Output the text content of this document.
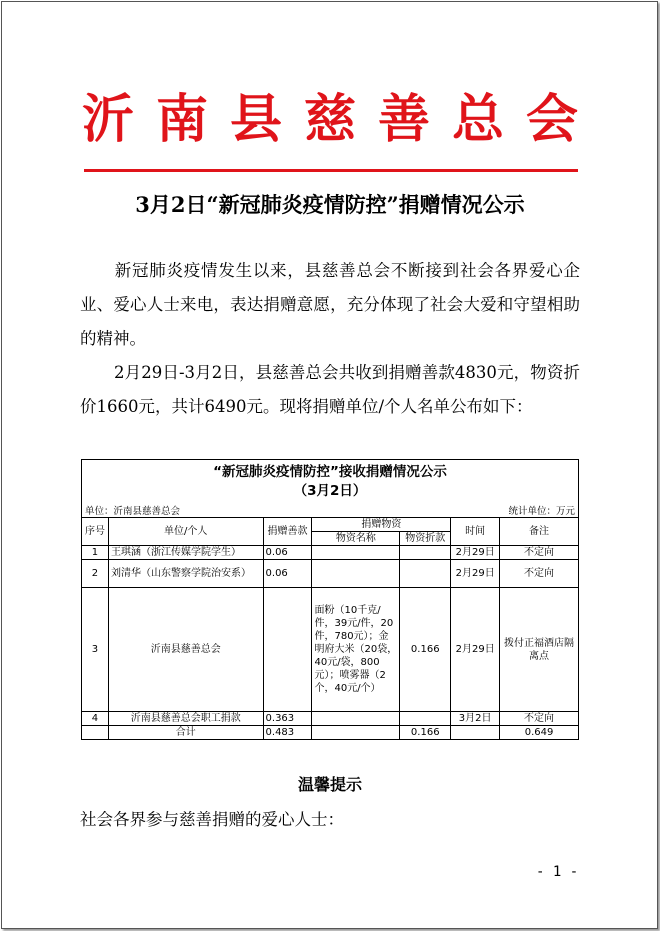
沂南县慈善总会
3月2日“新冠肺炎疫情防控”捐赠情况公示
新冠肺炎疫情发生以来，县慈善总会不断接到社会各界爱心企业、爱心人士来电，表达捐赠意愿，充分体现了社会大爱和守望相助的精神。
2月29日-3月2日，县慈善总会共收到捐赠善款4830元，物资折价1660元，共计6490元。现将捐赠单位/个人名单公布如下：
“新冠肺炎疫情防控”接收捐赠情况公示
（3月2日）
单位：沂南县慈善总会	统计单位：万元
序号	单位/个人	捐赠善款	捐赠物资		时间	备注
			物资名称	物资折款		
1	王琪涵（浙江传媒学院学生）	0.06			2月29日	不定向
2	刘清华（山东警察学院治安系）	0.06			2月29日	不定向
3	沂南县慈善总会		面粉（10千克/件，39元/件，20件，780元）；金明府大米（20袋，40元/袋，800元）；喷雾器（2个，40元/个）	0.166	2月29日	拨付正福酒店隔离点
4	沂南县慈善总会职工捐款	0.363			3月2日	不定向
	合计	0.483		0.166		0.649
温馨提示
社会各界参与慈善捐赠的爱心人士：
- 1 -
